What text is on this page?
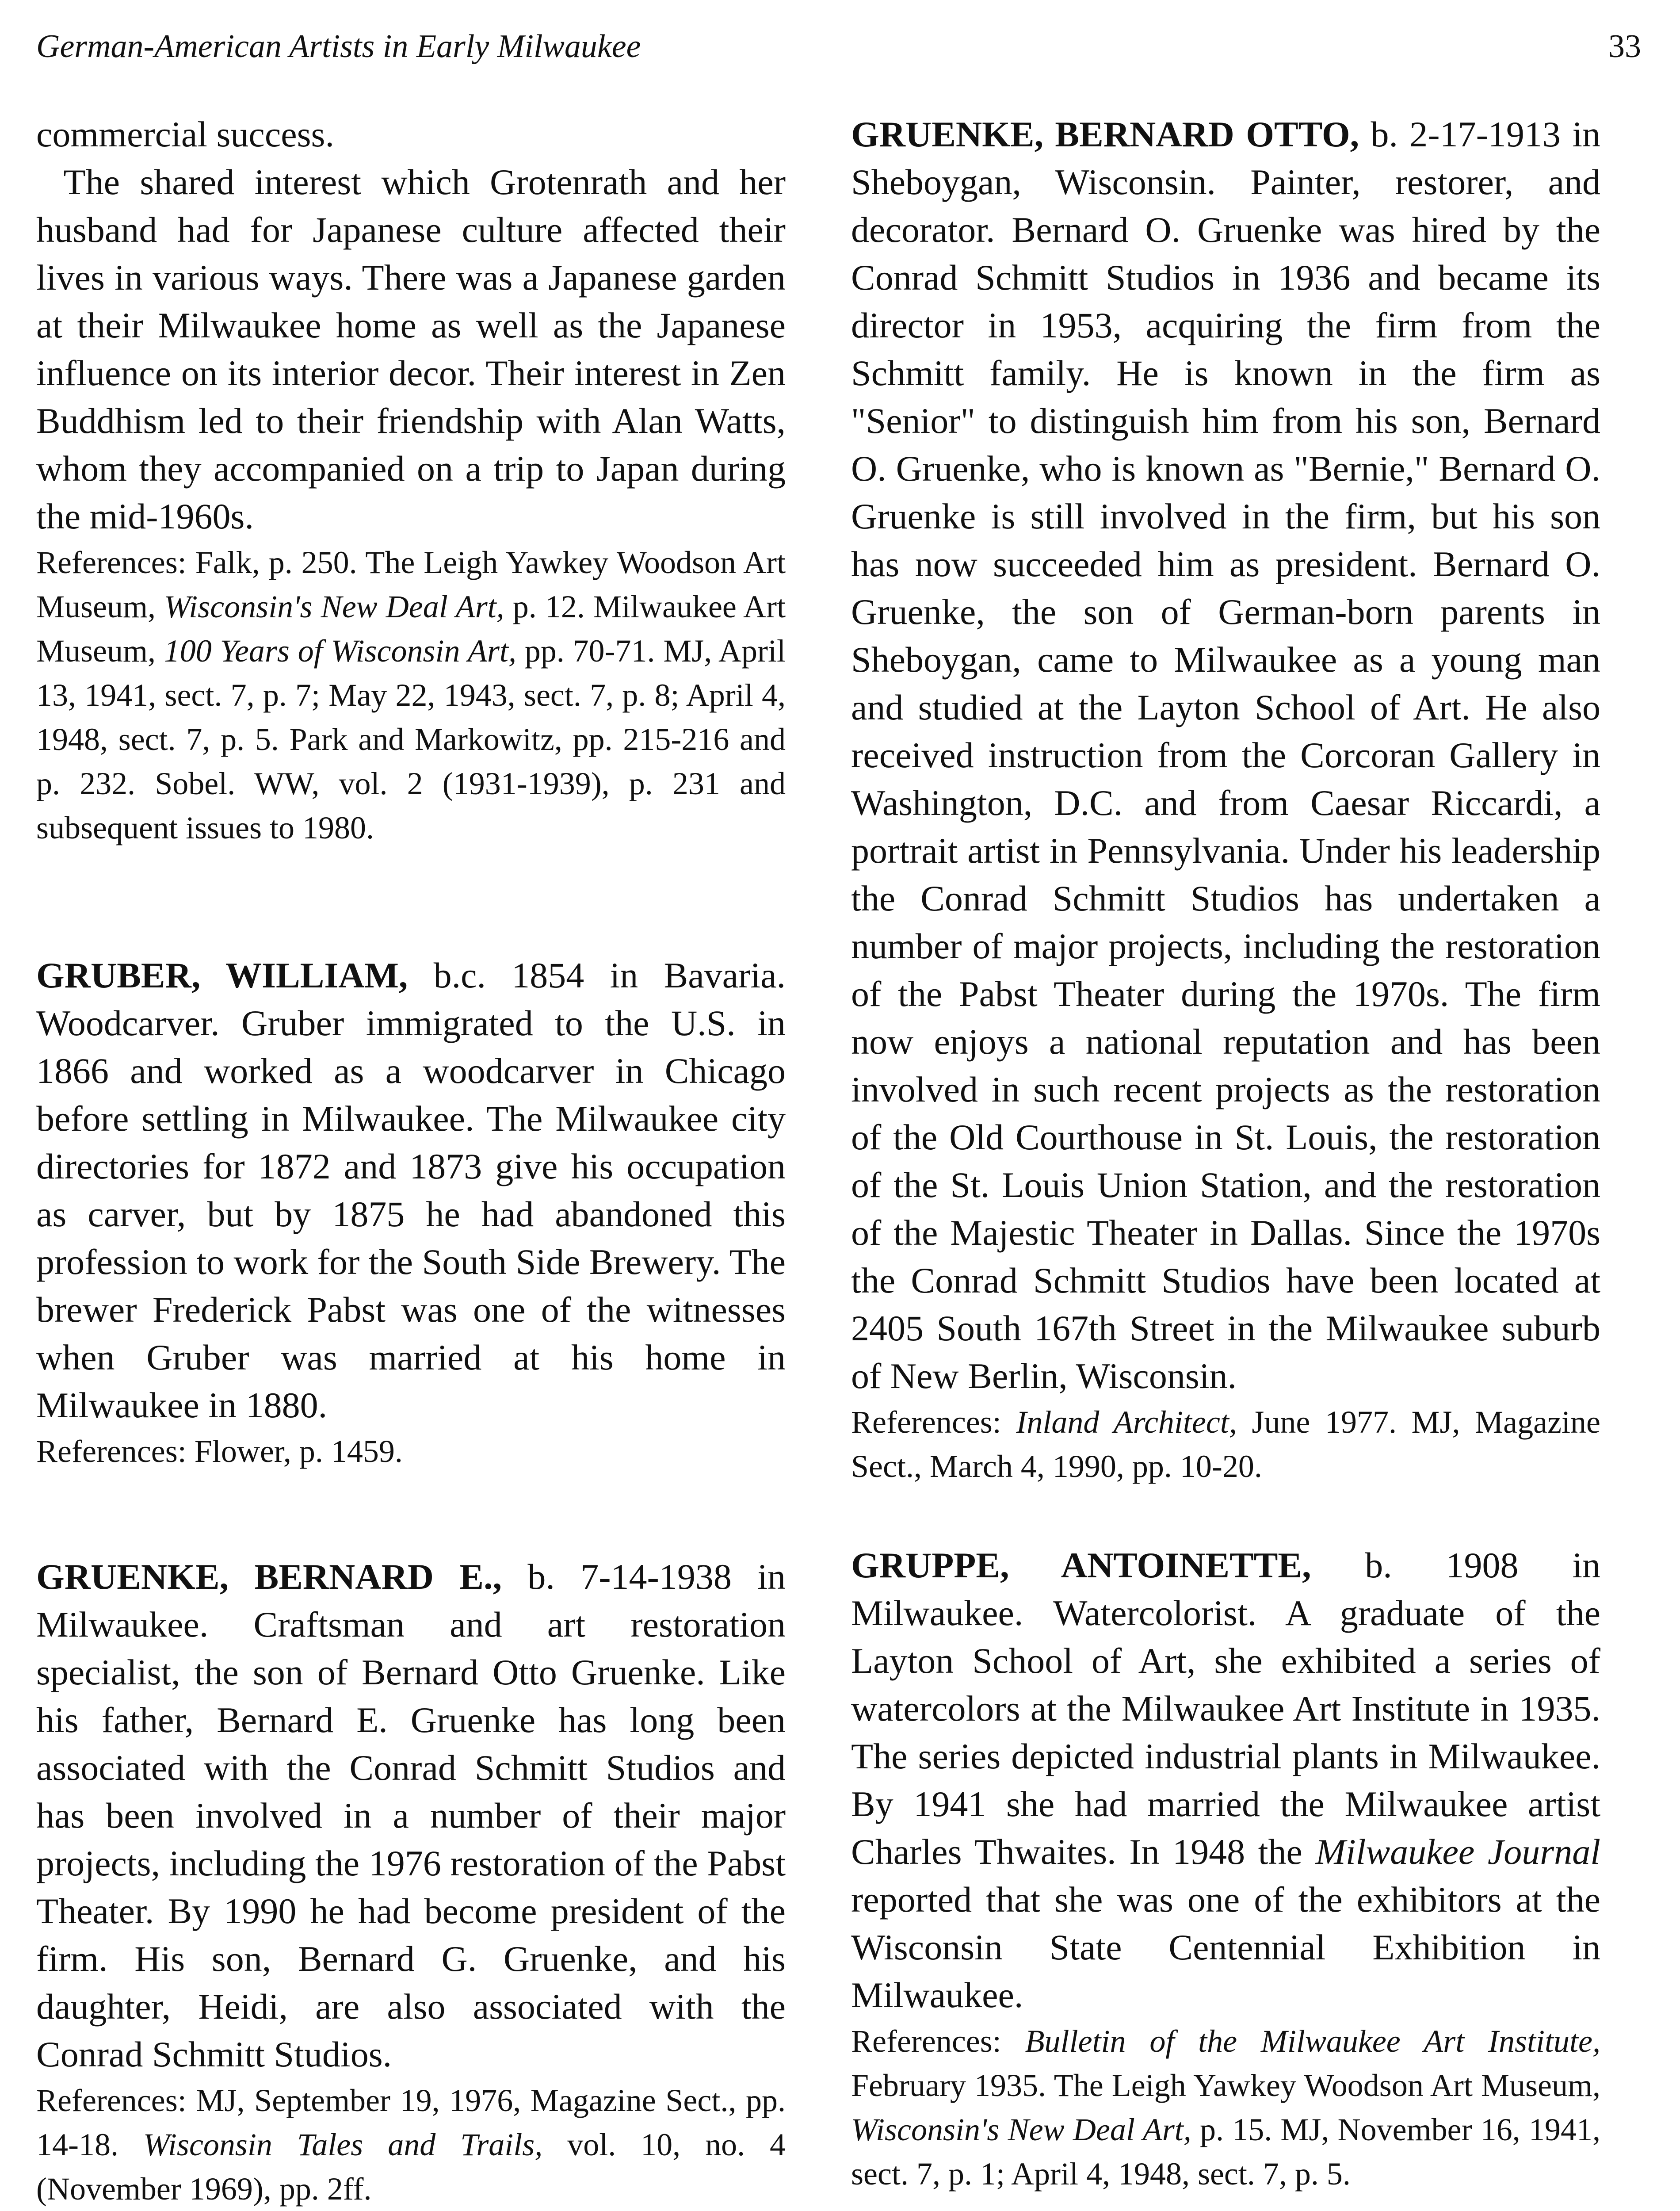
German-American Artists in Early Milwaukee	33

commercial success.

The shared interest which Grotenrath and her husband had for Japanese culture affected their lives in various ways. There was a Japanese garden at their Milwaukee home as well as the Japanese influence on its interior decor. Their interest in Zen Buddhism led to their friendship with Alan Watts, whom they accompanied on a trip to Japan during the mid-1960s.

References: Falk, p. 250. The Leigh Yawkey Woodson Art Museum, Wisconsin's New Deal Art, p. 12. Milwaukee Art Museum, 100 Years of Wisconsin Art, pp. 70-71. MJ, April 13, 1941, sect. 7, p. 7; May 22, 1943, sect. 7, p. 8; April 4, 1948, sect. 7, p. 5. Park and Markowitz, pp. 215-216 and p. 232. Sobel. WW, vol. 2 (1931-1939), p. 231 and subsequent issues to 1980.

GRUBER, WILLIAM, b.c. 1854 in Bavaria. Woodcarver. Gruber immigrated to the U.S. in 1866 and worked as a woodcarver in Chicago before settling in Milwaukee. The Milwaukee city directories for 1872 and 1873 give his occupation as carver, but by 1875 he had abandoned this profession to work for the South Side Brewery. The brewer Frederick Pabst was one of the witnesses when Gruber was married at his home in Milwaukee in 1880.

References: Flower, p. 1459.

GRUENKE, BERNARD E., b. 7-14-1938 in Milwaukee. Craftsman and art restoration specialist, the son of Bernard Otto Gruenke. Like his father, Bernard E. Gruenke has long been associated with the Conrad Schmitt Studios and has been involved in a number of their major projects, including the 1976 restoration of the Pabst Theater. By 1990 he had become president of the firm. His son, Bernard G. Gruenke, and his daughter, Heidi, are also associated with the Conrad Schmitt Studios.

References: MJ, September 19, 1976, Magazine Sect., pp. 14-18. Wisconsin Tales and Trails, vol. 10, no. 4 (November 1969), pp. 2ff.

GRUENKE, BERNARD OTTO, b. 2-17-1913 in Sheboygan, Wisconsin. Painter, restorer, and decorator. Bernard O. Gruenke was hired by the Conrad Schmitt Studios in 1936 and became its director in 1953, acquiring the firm from the Schmitt family. He is known in the firm as "Senior" to distinguish him from his son, Bernard O. Gruenke, who is known as "Bernie," Bernard O. Gruenke is still involved in the firm, but his son has now succeeded him as president. Bernard O. Gruenke, the son of German-born parents in Sheboygan, came to Milwaukee as a young man and studied at the Layton School of Art. He also received instruction from the Corcoran Gallery in Washington, D.C. and from Caesar Riccardi, a portrait artist in Pennsylvania. Under his leadership the Conrad Schmitt Studios has undertaken a number of major projects, including the restoration of the Pabst Theater during the 1970s. The firm now enjoys a national reputation and has been involved in such recent projects as the restoration of the Old Courthouse in St. Louis, the restoration of the St. Louis Union Station, and the restoration of the Majestic Theater in Dallas. Since the 1970s the Conrad Schmitt Studios have been located at 2405 South 167th Street in the Milwaukee suburb of New Berlin, Wisconsin.

References: Inland Architect, June 1977. MJ, Magazine Sect., March 4, 1990, pp. 10-20.

GRUPPE, ANTOINETTE, b. 1908 in Milwaukee. Watercolorist. A graduate of the Layton School of Art, she exhibited a series of watercolors at the Milwaukee Art Institute in 1935. The series depicted industrial plants in Milwaukee. By 1941 she had married the Milwaukee artist Charles Thwaites. In 1948 the Milwaukee Journal reported that she was one of the exhibitors at the Wisconsin State Centennial Exhibition in Milwaukee.

References: Bulletin of the Milwaukee Art Institute, February 1935. The Leigh Yawkey Woodson Art Museum, Wisconsin's New Deal Art, p. 15. MJ, November 16, 1941, sect. 7, p. 1; April 4, 1948, sect. 7, p. 5.
